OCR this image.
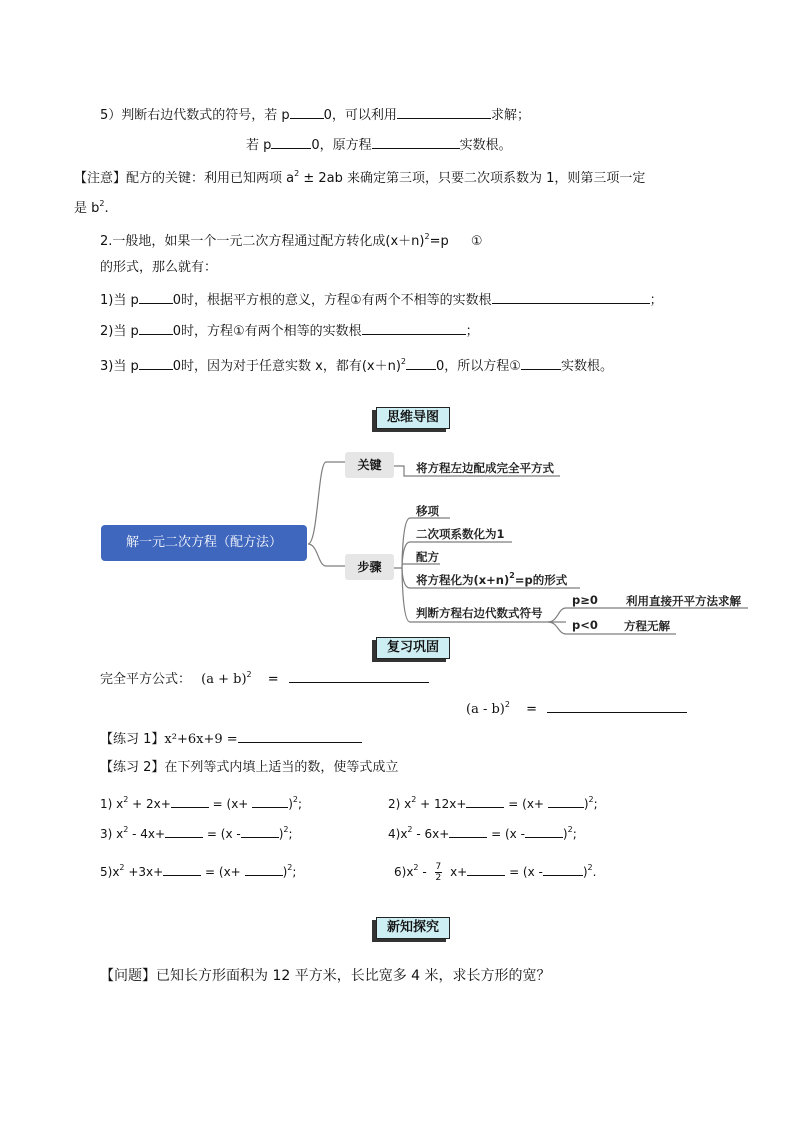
5）判断右边代数式的符号，若 p	0，可以利用	求解；
若 p	0，原方程	实数根。
【注意】配方的关键：利用已知两项 $a^2 \pm 2ab$ 来确定第三项，只要二次项系数为 1，则第三项一定
是 $b^2$.
2.一般地，如果一个一元二次方程通过配方转化成$(x+n)^2=p$ ①
的形式，那么就有：
1)当 p	0时，根据平方根的意义，方程①有两个不相等的实数根	；
2)当 p	0时，方程①有两个相等的实数根	；
3)当 p	0时，因为对于任意实数 x，都有$(x+n)^2$ 0，所以方程①	实数根。
思维导图
解一元二次方程（配方法）
关键
步骤
将方程左边配成完全平方式
移项
二次项系数化为1
配方
将方程化为$(x+n)^2=p$的形式
判断方程右边代数式符号
p≥0 利用直接开平方法求解
p<0 方程无解
复习巩固
完全平方公式： $(a + b)^2$ =
(a - b)$^2$ =
【练习 1】x²+6x+9 =
【练习 2】在下列等式内填上适当的数，使等式成立
1) $x^2 + 2x+$	= (x+	)$^2$;	2) $x^2 + 12x+$	= (x+	)$^2$;
3) $x^2 - 4x+$	= (x -	)$^2$;	$4)x^2 - 6x+$	= (x -	)$^2$;
$5)x^2 +3x+$	= (x+	)$^2$;	$6)x^2 - \frac{7}{2} x+$	= (x -	)$^2$.
新知探究
【问题】已知长方形面积为 12 平方米，长比宽多 4 米，求长方形的宽？
